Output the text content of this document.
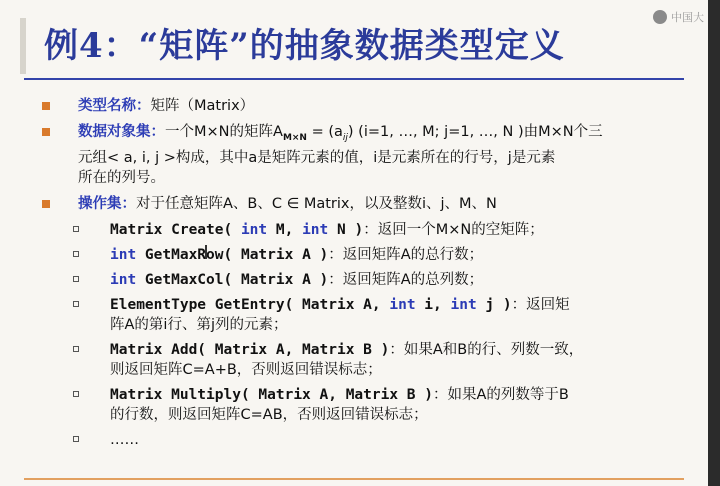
中国大
例4：“矩阵”的抽象数据类型定义
类型名称：矩阵（Matrix）
数据对象集：一个M×N的矩阵$A_{M\times N} = (a_{ij})$ (i=1, …, M; j=1, …, N )由M×N个三
元组< a, i, j >构成，其中a是矩阵元素的值，i是元素所在的行号，j是元素
所在的列号。
操作集：对于任意矩阵A、B、C ∈ Matrix，以及整数i、j、M、N
Matrix Create( int M, int N )：返回一个M×N的空矩阵；
int GetMaxRow( Matrix A )：返回矩阵A的总行数；
int GetMaxCol( Matrix A )：返回矩阵A的总列数；
ElementType GetEntry( Matrix A, int i, int j )：返回矩
阵A的第i行、第j列的元素；
Matrix Add( Matrix A, Matrix B )：如果A和B的行、列数一致，
则返回矩阵C=A+B，否则返回错误标志；
Matrix Multiply( Matrix A, Matrix B )：如果A的列数等于B
的行数，则返回矩阵C=AB，否则返回错误标志；
……
